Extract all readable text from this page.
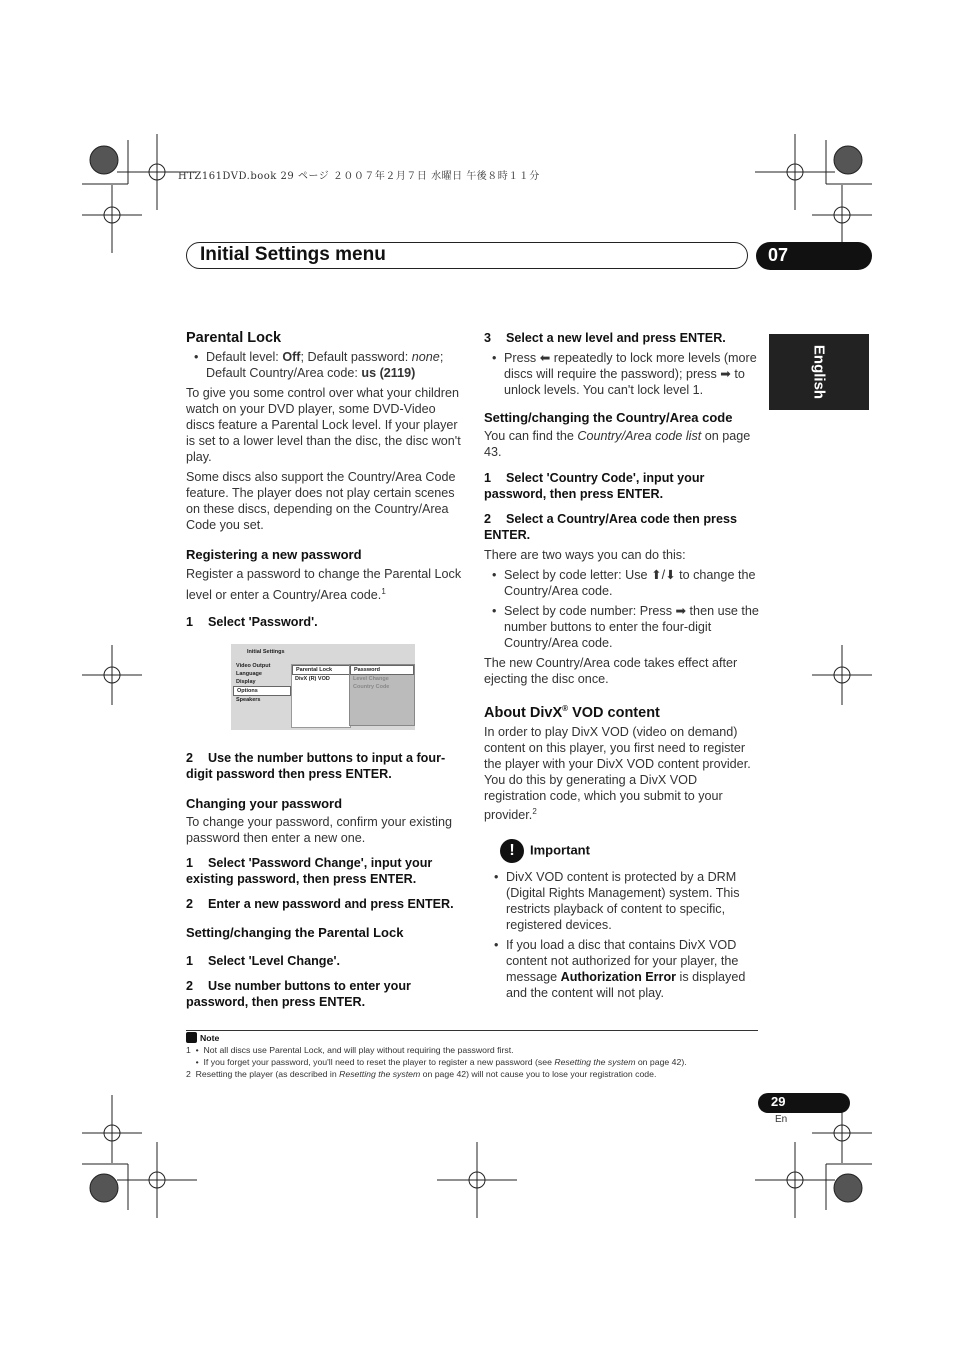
HTZ161DVD.book 29 ページ ２００７年２月７日 水曜日 午後８時１１分
Initial Settings menu	07
English
Parental Lock
• Default level: Off; Default password: none; Default Country/Area code: us (2119)

To give you some control over what your children watch on your DVD player, some DVD-Video discs feature a Parental Lock level. If your player is set to a lower level than the disc, the disc won't play.

Some discs also support the Country/Area Code feature. The player does not play certain scenes on these discs, depending on the Country/Area Code you set.

Registering a new password

Register a password to change the Parental Lock level or enter a Country/Area code.$^1$

1 Select 'Password'.

Initial Settings
Video Output
Language
Display
Options
Speakers
Parental Lock
DivX (R) VOD
Password
Level Change
Country Code

2 Use the number buttons to input a four-digit password then press ENTER.

Changing your password

To change your password, confirm your existing password then enter a new one.

1 Select 'Password Change', input your existing password, then press ENTER.

2 Enter a new password and press ENTER.

Setting/changing the Parental Lock

1 Select 'Level Change'.

2 Use number buttons to enter your password, then press ENTER.

3 Select a new level and press ENTER.

• Press ⬅ repeatedly to lock more levels (more discs will require the password); press ➡ to unlock levels. You can't lock level 1.
Setting/changing the Country/Area code

You can find the Country/Area code list on page 43.

1 Select 'Country Code', input your password, then press ENTER.

2 Select a Country/Area code then press ENTER.

There are two ways you can do this:

• Select by code letter: Use ⬆/⬇ to change the Country/Area code.
• Select by code number: Press ➡ then use the number buttons to enter the four-digit Country/Area code.

The new Country/Area code takes effect after ejecting the disc once.

About DivX® VOD content

In order to play DivX VOD (video on demand) content on this player, you first need to register the player with your DivX VOD content provider. You do this by generating a DivX VOD registration code, which you submit to your provider.$^2$

! Important
• DivX VOD content is protected by a DRM (Digital Rights Management) system. This restricts playback of content to specific, registered devices.
• If you load a disc that contains DivX VOD content not authorized for your player, the message Authorization Error is displayed and the content will not play.
Note
1  •  Not all discs use Parental Lock, and will play without requiring the password first.
•  If you forget your password, you'll need to reset the player to register a new password (see Resetting the system on page 42).
2  Resetting the player (as described in Resetting the system on page 42) will not cause you to lose your registration code.
29
En
